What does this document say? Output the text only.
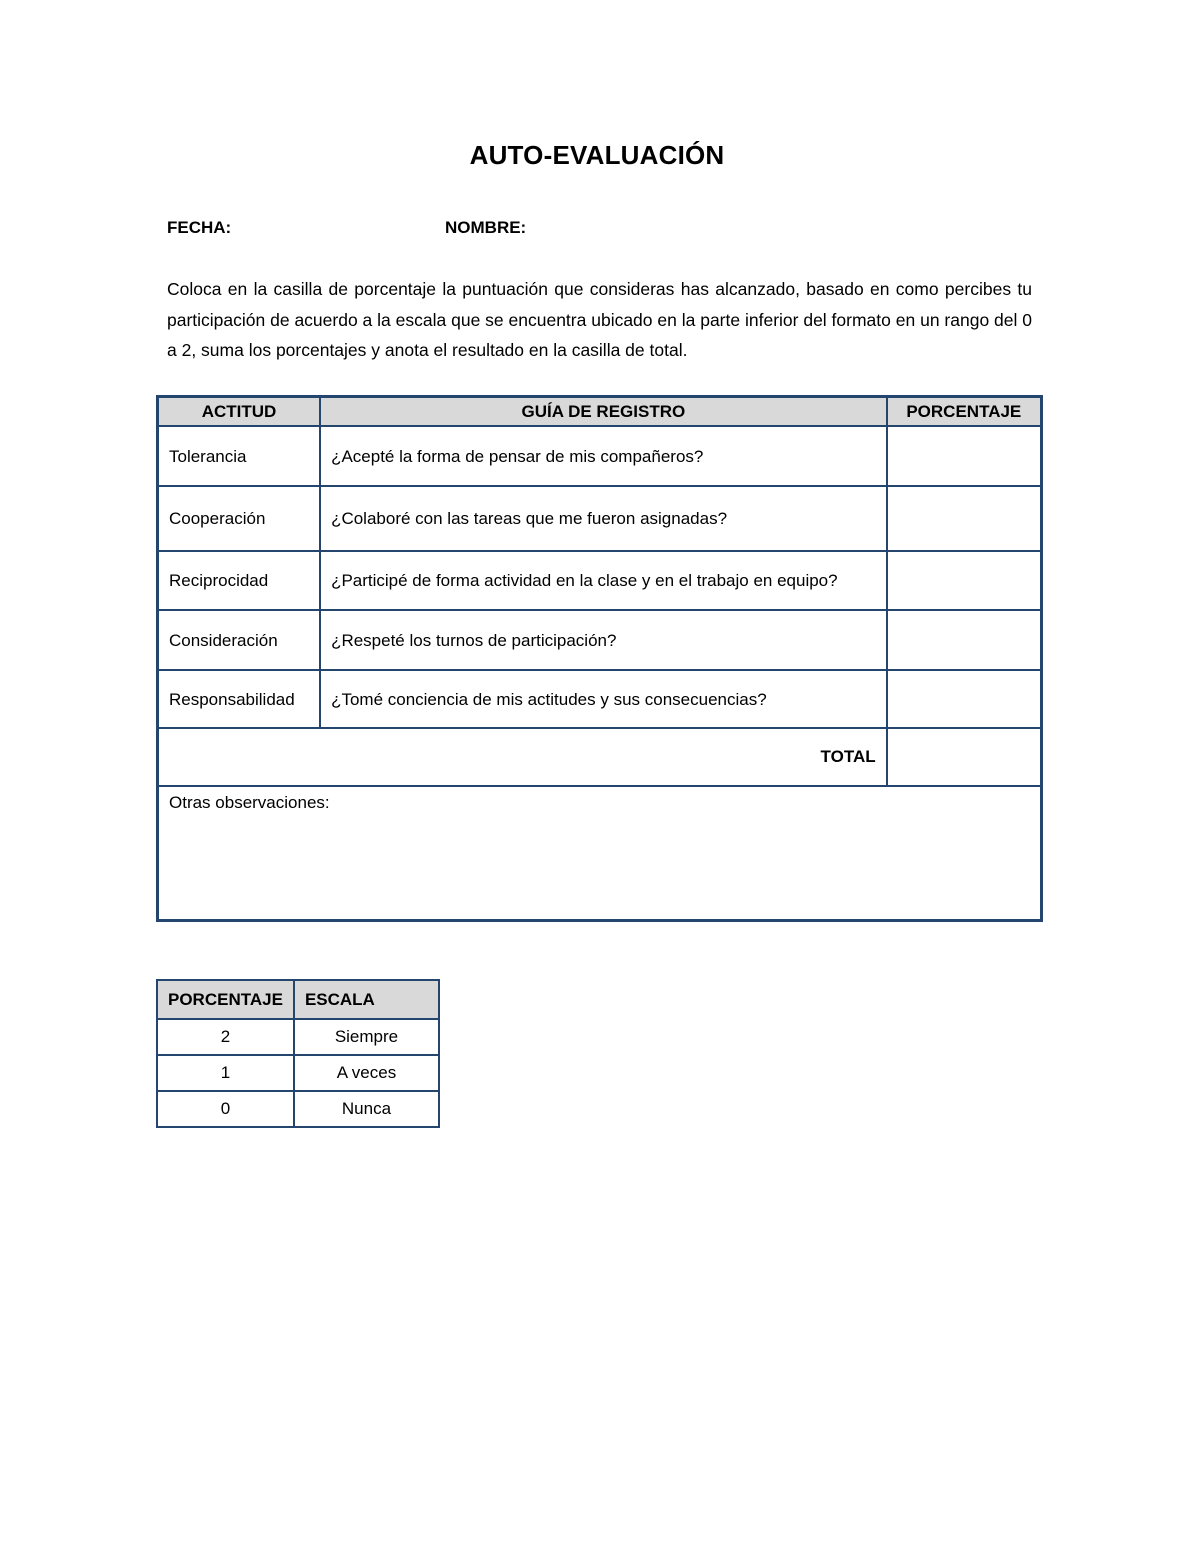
AUTO-EVALUACIÓN
FECHA:	NOMBRE:
Coloca en la casilla de porcentaje la puntuación que consideras has alcanzado, basado en como percibes tu participación de acuerdo a la escala que se encuentra ubicado en la parte inferior del formato en un rango del 0 a 2, suma los porcentajes y anota el resultado en la casilla de total.
ACTITUD	GUÍA DE REGISTRO	PORCENTAJE
Tolerancia	¿Acepté la forma de pensar de mis compañeros?	
Cooperación	¿Colaboré con las tareas que me fueron asignadas?	
Reciprocidad	¿Participé de forma actividad en la clase y en el trabajo en equipo?	
Consideración	¿Respeté los turnos de participación?	
Responsabilidad	¿Tomé conciencia de mis actitudes y sus consecuencias?	
TOTAL		
Otras observaciones:		
PORCENTAJE	ESCALA
2	Siempre
1	A veces
0	Nunca
